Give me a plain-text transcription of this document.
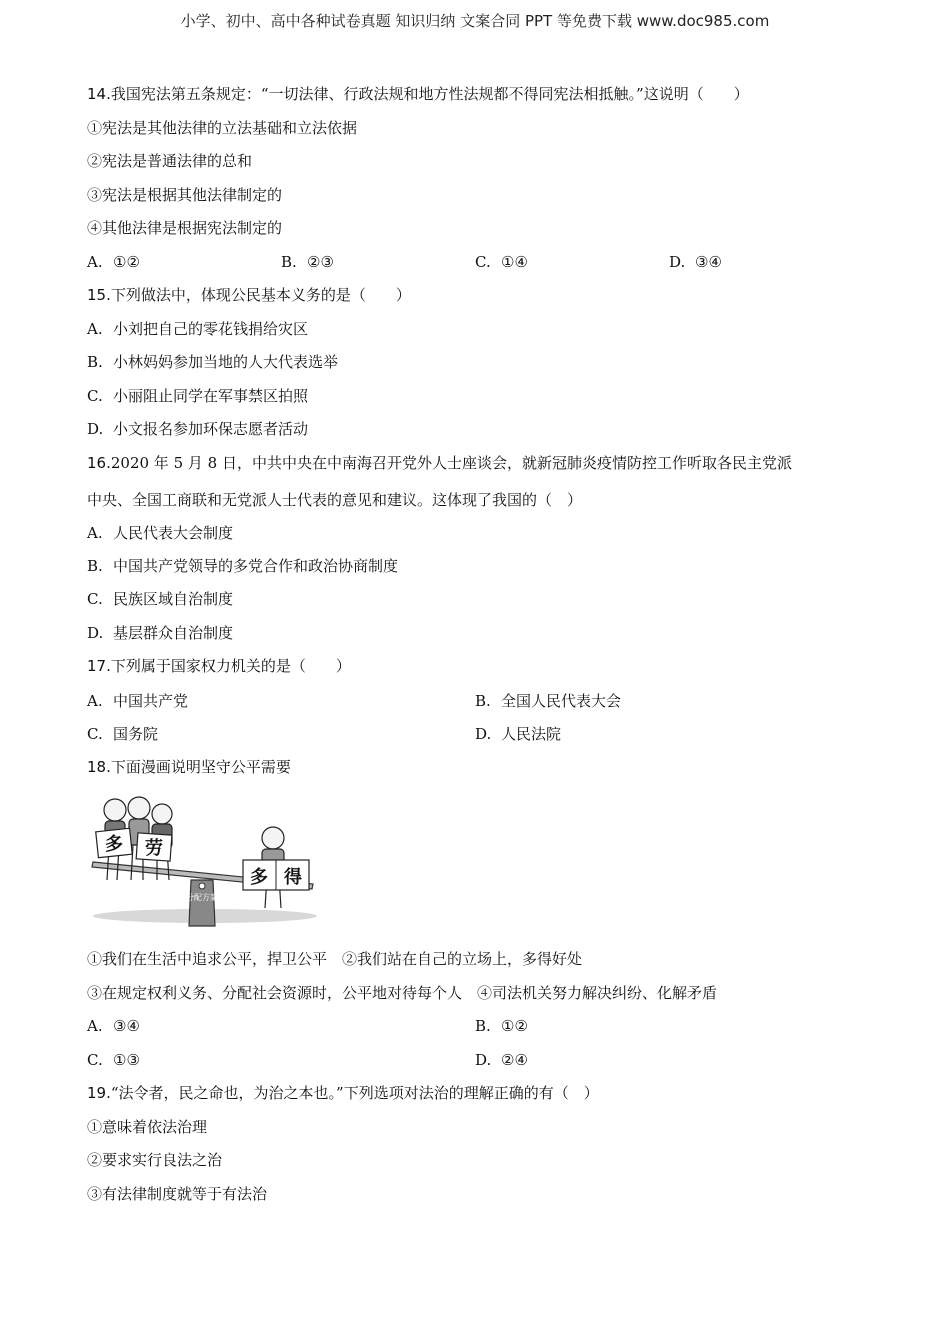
小学、初中、高中各种试卷真题 知识归纳 文案合同 PPT 等免费下载 www.doc985.com
14.我国宪法第五条规定：“一切法律、行政法规和地方性法规都不得同宪法相抵触。”这说明（　　）
①宪法是其他法律的立法基础和立法依据
②宪法是普通法律的总和
③宪法是根据其他法律制定的
④其他法律是根据宪法制定的
A. ①②	B. ②③	C. ①④	D. ③④
15.下列做法中，体现公民基本义务的是（　　）
A. 小刘把自己的零花钱捐给灾区
B. 小林妈妈参加当地的人大代表选举
C. 小丽阻止同学在军事禁区拍照
D. 小文报名参加环保志愿者活动
16.2020 年 5 月 8 日，中共中央在中南海召开党外人士座谈会，就新冠肺炎疫情防控工作听取各民主党派
中央、全国工商联和无党派人士代表的意见和建议。这体现了我国的（　）
A. 人民代表大会制度
B. 中国共产党领导的多党合作和政治协商制度
C. 民族区域自治制度
D. 基层群众自治制度
17.下列属于国家权力机关的是（　　）
A. 中国共产党	B. 全国人民代表大会
C. 国务院	D. 人民法院
18.下面漫画说明坚守公平需要
分配方案
多 劳
多 得
①我们在生活中追求公平，捍卫公平　②我们站在自己的立场上，多得好处
③在规定权利义务、分配社会资源时，公平地对待每个人　④司法机关努力解决纠纷、化解矛盾
A. ③④	B. ①②
C. ①③	D. ②④
19.“法令者，民之命也，为治之本也。”下列选项对法治的理解正确的有（　）
①意味着依法治理
②要求实行良法之治
③有法律制度就等于有法治
